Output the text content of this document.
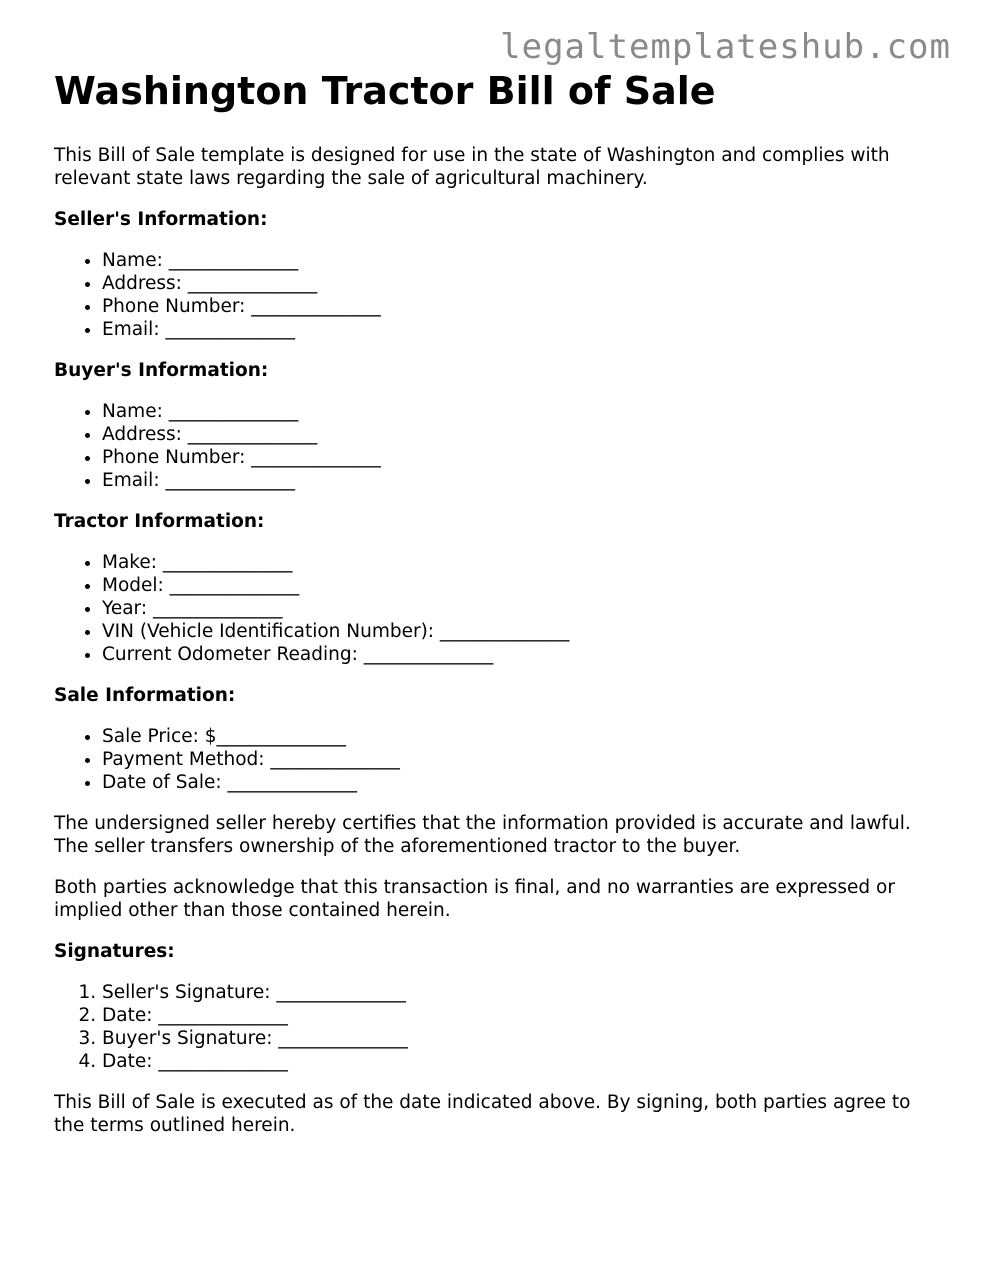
legaltemplateshub.com
Washington Tractor Bill of Sale

This Bill of Sale template is designed for use in the state of Washington and complies with relevant state laws regarding the sale of agricultural machinery.

Seller's Information:
• Name: ______________
• Address: ______________
• Phone Number: ______________
• Email: ______________
Buyer's Information:
• Name: ______________
• Address: ______________
• Phone Number: ______________
• Email: ______________
Tractor Information:
• Make: ______________
• Model: ______________
• Year: ______________
• VIN (Vehicle Identification Number): ______________
• Current Odometer Reading: ______________
Sale Information:
• Sale Price: $______________
• Payment Method: ______________
• Date of Sale: ______________

The undersigned seller hereby certifies that the information provided is accurate and lawful. The seller transfers ownership of the aforementioned tractor to the buyer.

Both parties acknowledge that this transaction is final, and no warranties are expressed or implied other than those contained herein.

Signatures:
1. Seller's Signature: ______________
2. Date: ______________
3. Buyer's Signature: ______________
4. Date: ______________

This Bill of Sale is executed as of the date indicated above. By signing, both parties agree to the terms outlined herein.
